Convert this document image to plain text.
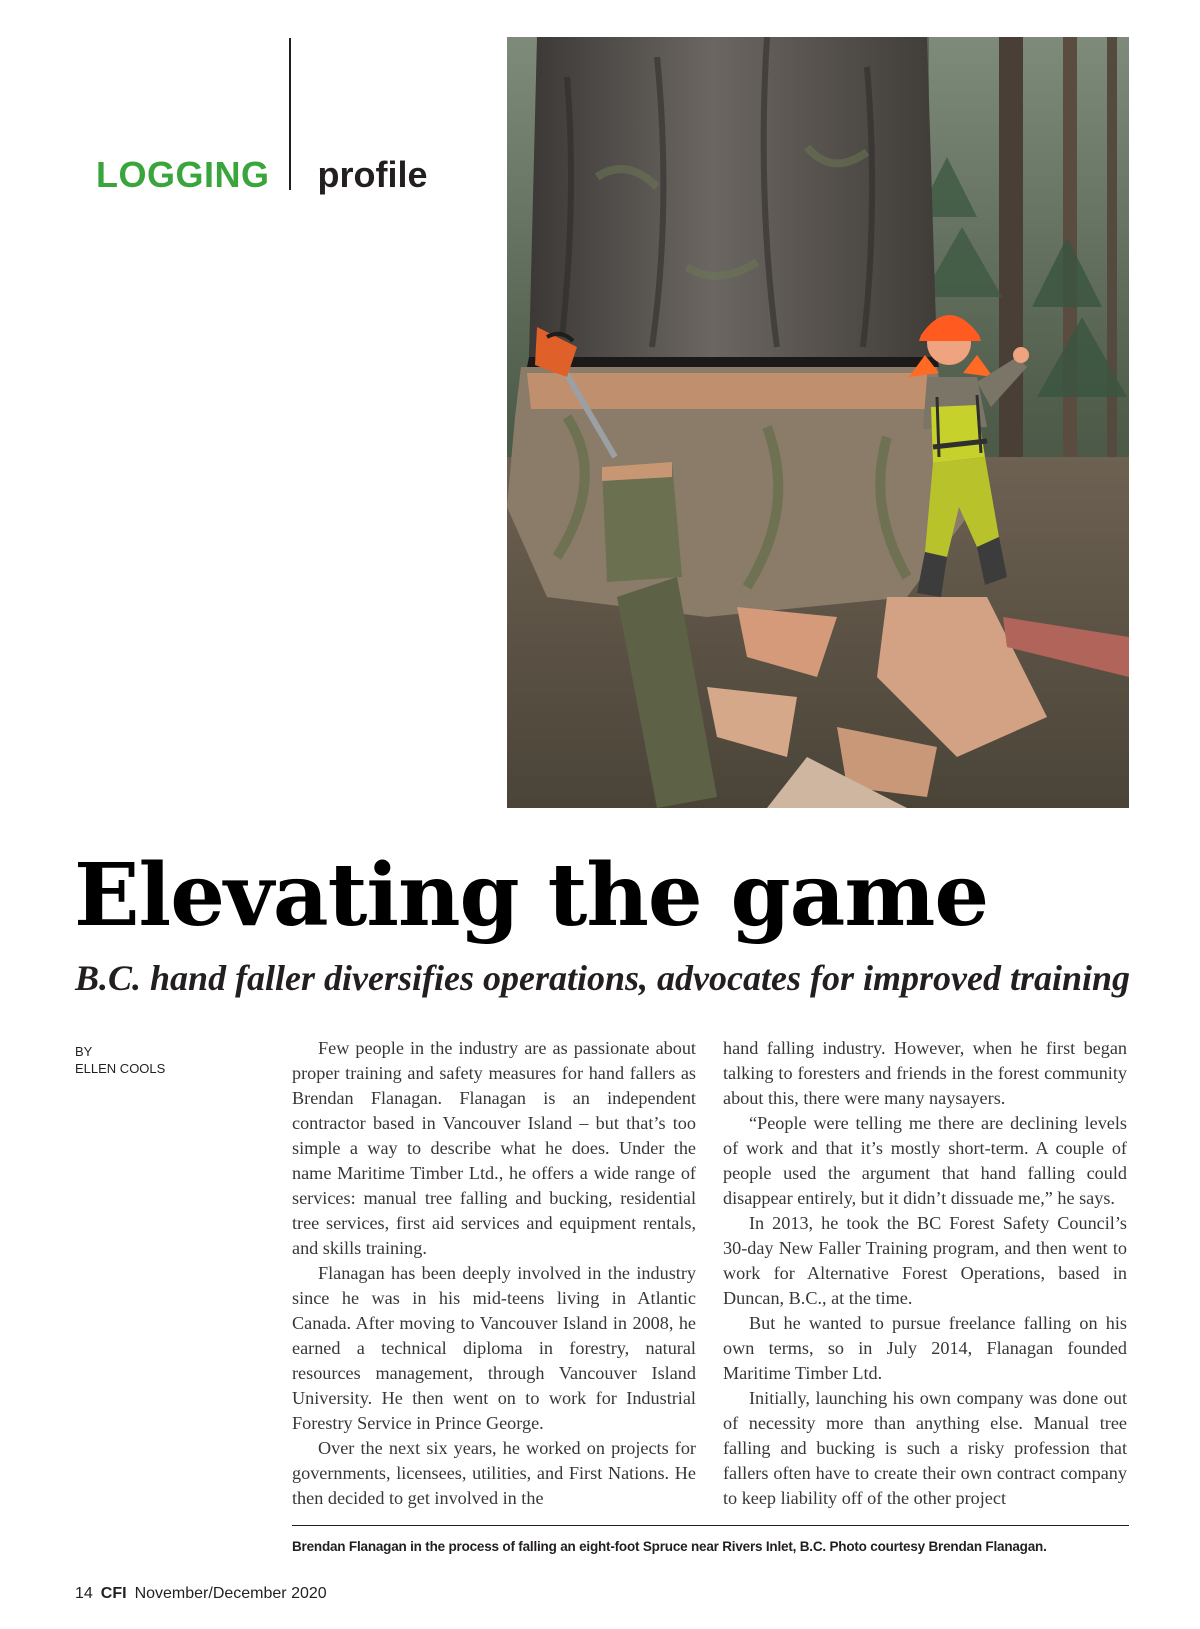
LOGGING profile
Elevating the game
B.C. hand faller diversifies operations, advocates for improved training
BY
ELLEN COOLS

Few people in the industry are as passionate about proper training and safety measures for hand fallers as Brendan Flanagan. Flanagan is an independent contractor based in Vancouver Island – but that’s too simple a way to describe what he does. Under the name Maritime Timber Ltd., he offers a wide range of services: manual tree falling and bucking, residential tree services, first aid services and equipment rentals, and skills training.

Flanagan has been deeply involved in the industry since he was in his mid-teens living in Atlantic Canada. After moving to Vancouver Island in 2008, he earned a technical diploma in forestry, natural resources management, through Vancouver Island University. He then went on to work for Industrial Forestry Service in Prince George.

Over the next six years, he worked on projects for governments, licensees, utilities, and First Nations. He then decided to get involved in the

hand falling industry. However, when he first began talking to foresters and friends in the forest community about this, there were many naysayers.

“People were telling me there are declining levels of work and that it’s mostly short-term. A couple of people used the argument that hand falling could disappear entirely, but it didn’t dissuade me,” he says.

In 2013, he took the BC Forest Safety Council’s 30-day New Faller Training program, and then went to work for Alternative Forest Operations, based in Duncan, B.C., at the time.

But he wanted to pursue freelance falling on his own terms, so in July 2014, Flanagan founded Maritime Timber Ltd.

Initially, launching his own company was done out of necessity more than anything else. Manual tree falling and bucking is such a risky profession that fallers often have to create their own contract company to keep liability off of the other project

Brendan Flanagan in the process of falling an eight-foot Spruce near Rivers Inlet, B.C. Photo courtesy Brendan Flanagan.
14 CFI November/December 2020
